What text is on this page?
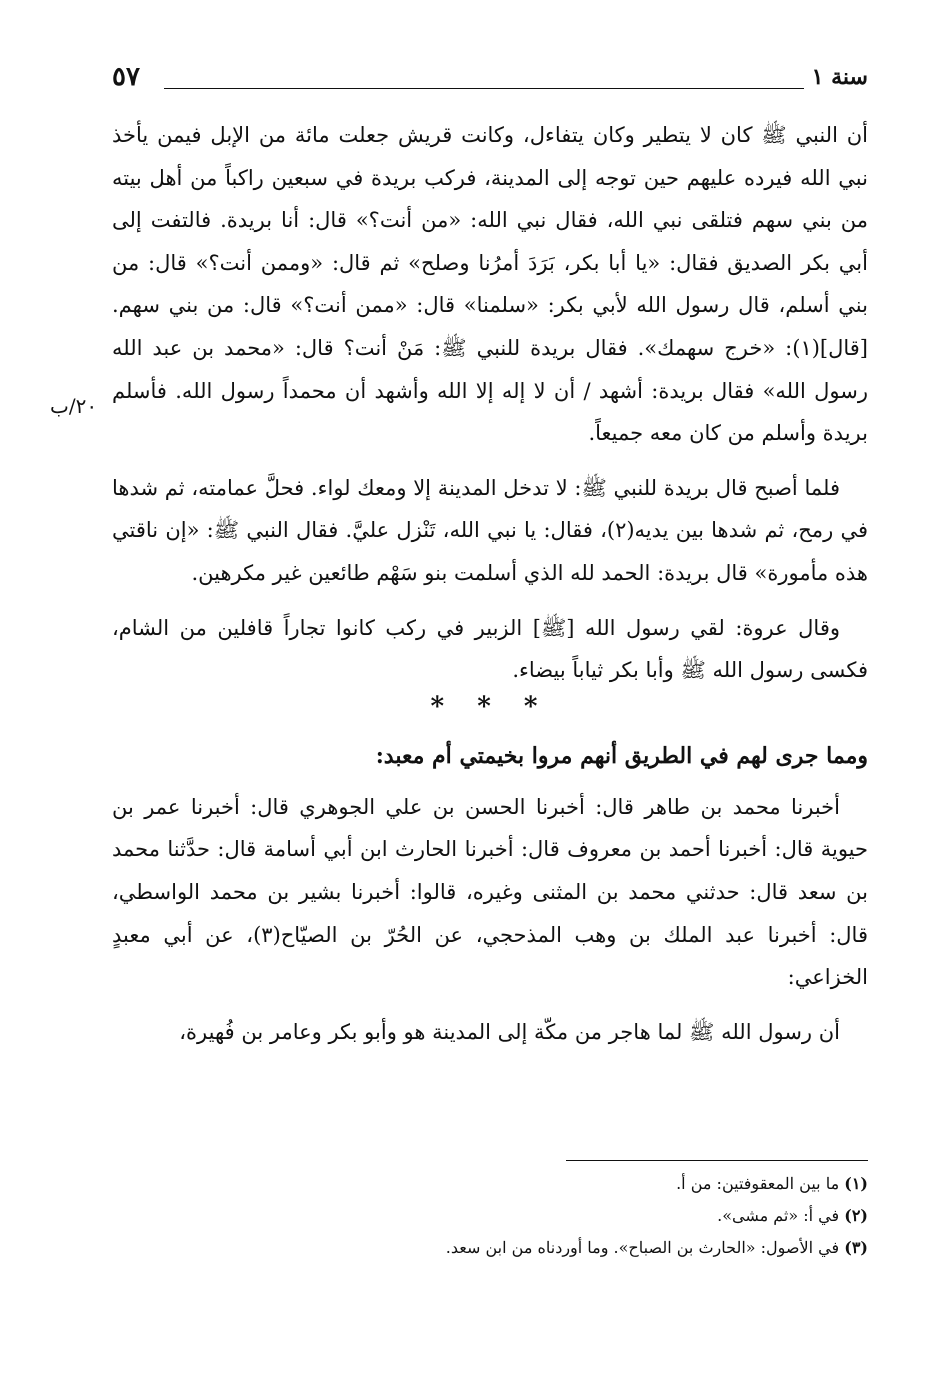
٥٧	سنة ١
٢٠/ب

أن النبي ﷺ كان لا يتطير وكان يتفاءل، وكانت قريش جعلت مائة من الإبل فيمن يأخذ نبي الله فيرده عليهم حين توجه إلى المدينة، فركب بريدة في سبعين راكباً من أهل بيته من بني سهم فتلقى نبي الله، فقال نبي الله: «من أنت؟» قال: أنا بريدة. فالتفت إلى أبي بكر الصديق فقال: «يا أبا بكر، بَرَدَ أمرُنا وصلح» ثم قال: «وممن أنت؟» قال: من بني أسلم، قال رسول الله لأبي بكر: «سلمنا» قال: «ممن أنت؟» قال: من بني سهم. [قال](١): «خرج سهمك». فقال بريدة للنبي ﷺ: مَنْ أنت؟ قال: «محمد بن عبد الله رسول الله» فقال بريدة: أشهد / أن لا إله إلا الله وأشهد أن محمداً رسول الله. فأسلم بريدة وأسلم من كان معه جميعاً.

فلما أصبح قال بريدة للنبي ﷺ: لا تدخل المدينة إلا ومعك لواء. فحلَّ عمامته، ثم شدها في رمح، ثم شدها بين يديه(٢)، فقال: يا نبي الله، تَنْزل عليَّ. فقال النبي ﷺ: «إن ناقتي هذه مأمورة» قال بريدة: الحمد لله الذي أسلمت بنو سَهْم طائعين غير مكرهين.

وقال عروة: لقي رسول الله [ﷺ] الزبير في ركب كانوا تجاراً قافلين من الشام، فكسى رسول الله ﷺ وأبا بكر ثياباً بيضاء.

* * *

ومما جرى لهم في الطريق أنهم مروا بخيمتي أم معبد:

أخبرنا محمد بن طاهر قال: أخبرنا الحسن بن علي الجوهري قال: أخبرنا عمر بن حيوية قال: أخبرنا أحمد بن معروف قال: أخبرنا الحارث ابن أبي أسامة قال: حدَّثنا محمد بن سعد قال: حدثني محمد بن المثنى وغيره، قالوا: أخبرنا بشير بن محمد الواسطي، قال: أخبرنا عبد الملك بن وهب المذحجي، عن الحُرّ بن الصيّاح(٣)، عن أبي معبدٍ الخزاعي:

أن رسول الله ﷺ لما هاجر من مكّة إلى المدينة هو وأبو بكر وعامر بن فُهيرة،

(١) ما بين المعقوفتين: من أ.

(٢) في أ: «ثم مشى».

(٣) في الأصول: «الحارث بن الصباح». وما أوردناه من ابن سعد.
